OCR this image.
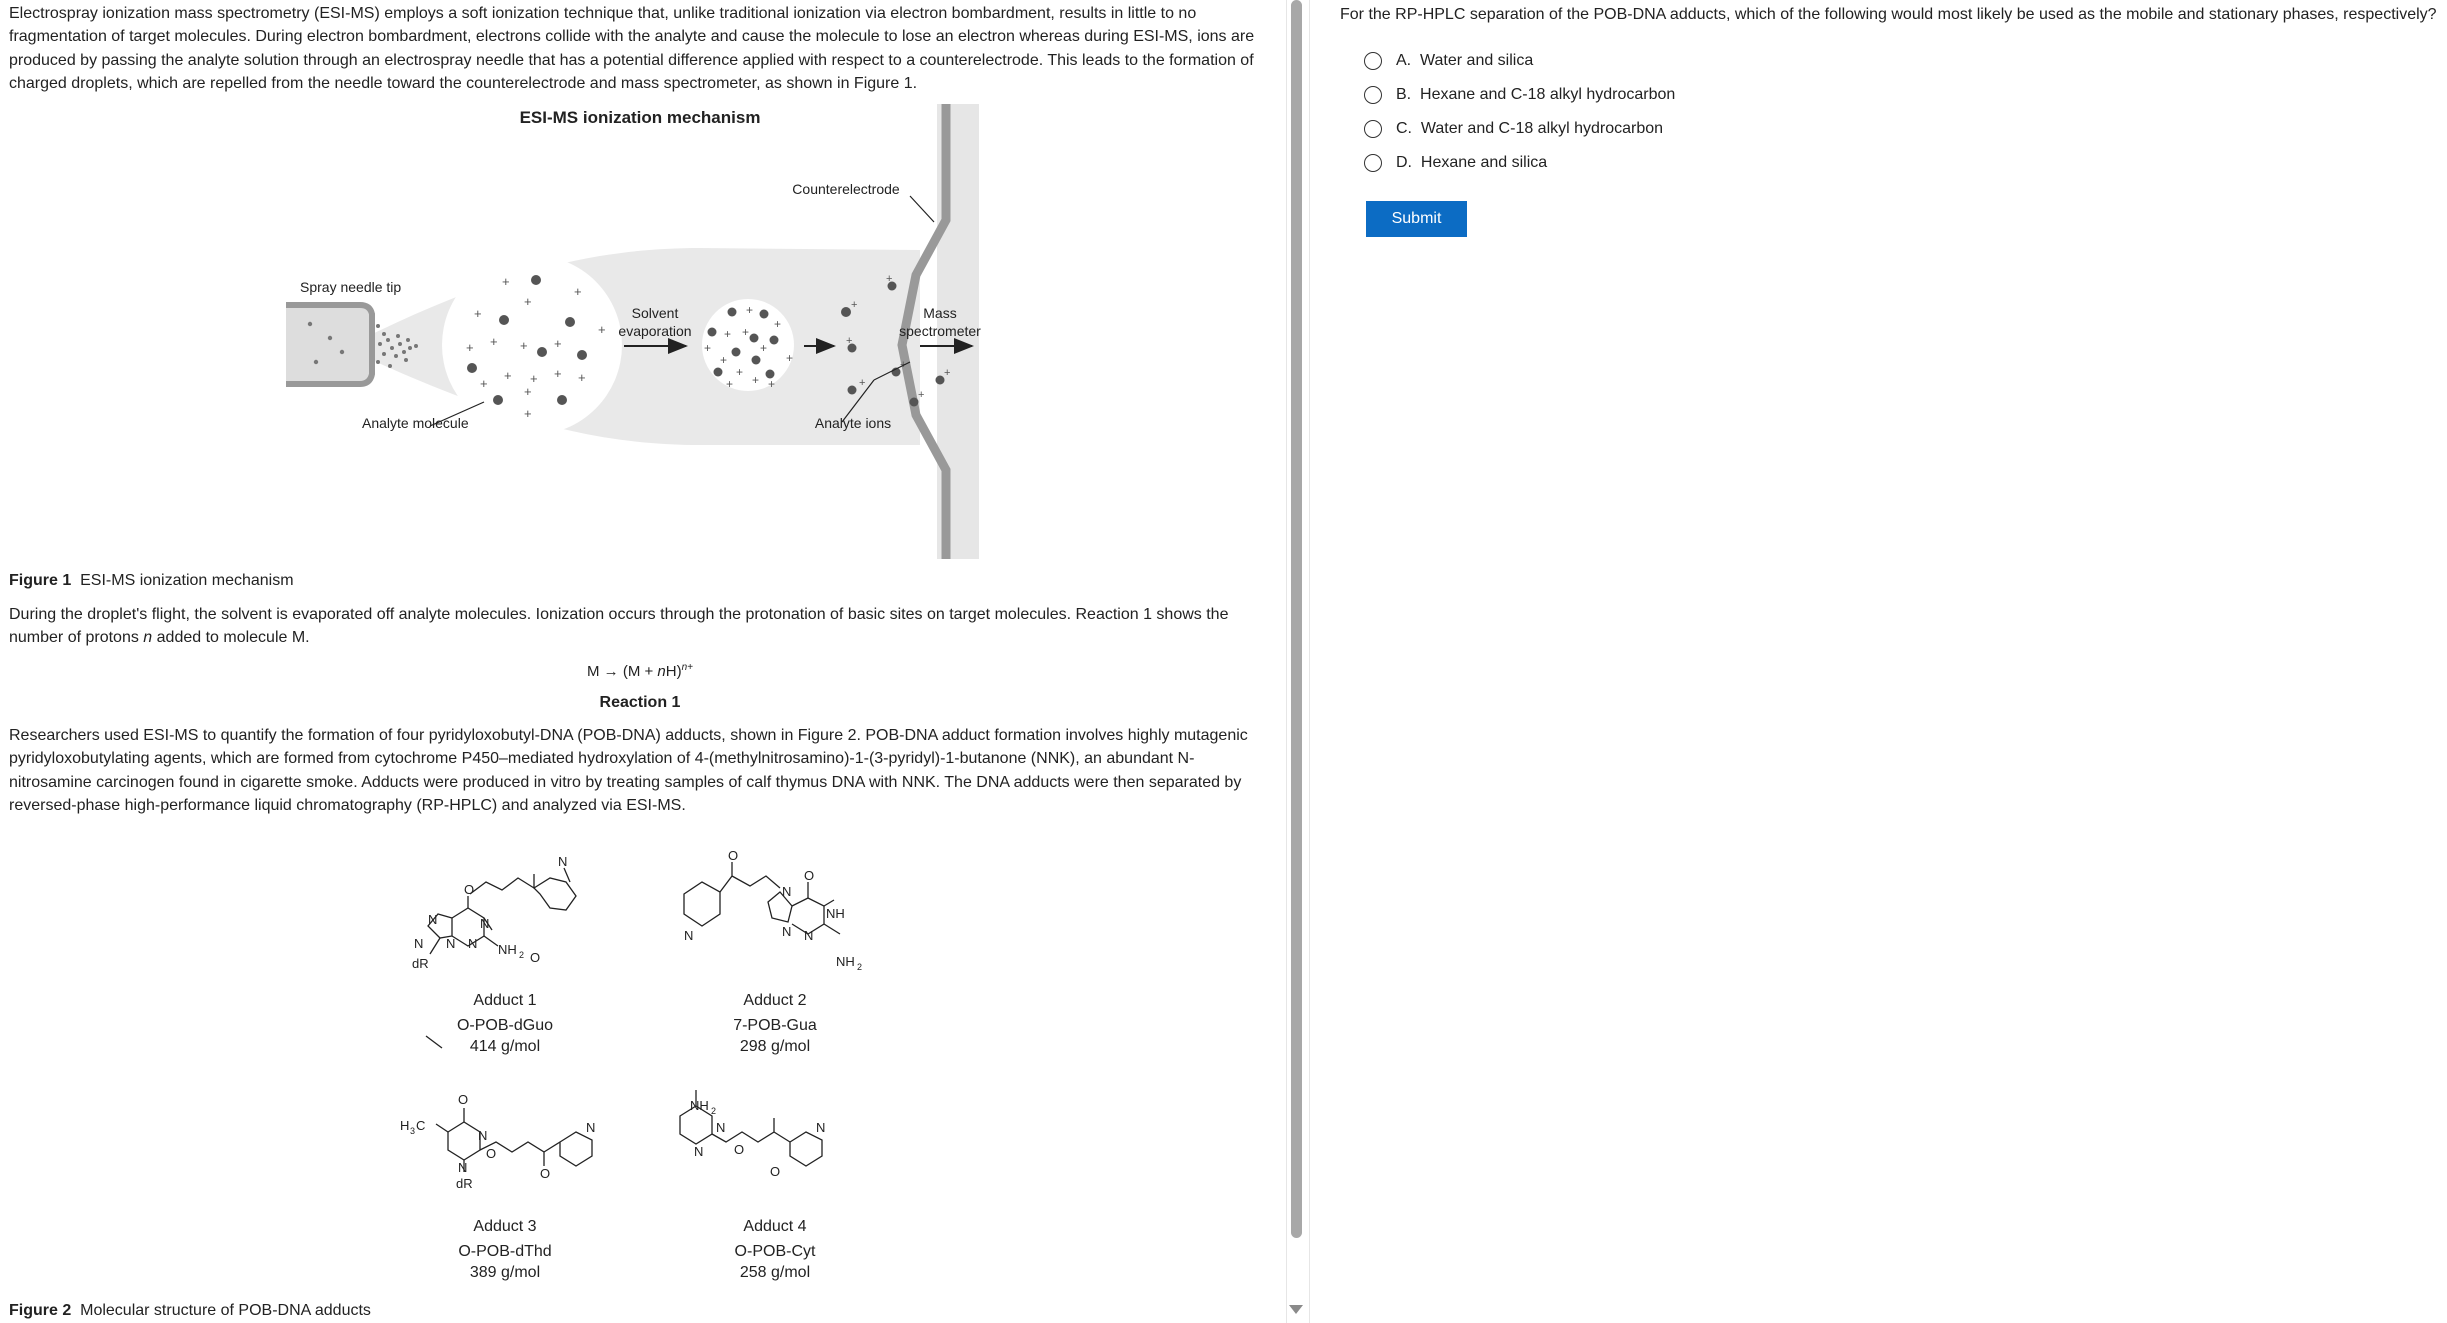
Electrospray ionization mass spectrometry (ESI-MS) employs a soft ionization technique that, unlike traditional ionization via electron bombardment, results in little to no
fragmentation of target molecules. During electron bombardment, electrons collide with the analyte and cause the molecule to lose an electron whereas during ESI-MS, ions are
produced by passing the analyte solution through an electrospray needle that has a potential difference applied with respect to a counterelectrode. This leads to the formation of
charged droplets, which are repelled from the needle toward the counterelectrode and mass spectrometer, as shown in Figure 1.

ESI-MS ionization mechanism
Spray needle tip	+
+
+
+
+
+ + +
+
+
+	+
+
+
+
+
Analyte molecule
Solvent
evaporation
+
+
+ +
+
+
+
+
+
+ +
+
+
+
+
+
+
+
+
Analyte ions
Counterelectrode
Mass
spectrometer
Figure 1 ESI-MS ionization mechanism

During the droplet's flight, the solvent is evaporated off analyte molecules. Ionization occurs through the protonation of basic sites on target molecules. Reaction 1 shows the
number of protons n added to molecule M.

M → (M + nH)$^{n+}$
Reaction 1

Researchers used ESI-MS to quantify the formation of four pyridyloxobutyl-DNA (POB-DNA) adducts, shown in Figure 2. POB-DNA adduct formation involves highly mutagenic
pyridyloxobutylating agents, which are formed from cytochrome P450–mediated hydroxylation of 4-(methylnitrosamino)-1-(3-pyridyl)-1-butanone (NNK), an abundant N-
nitrosamine carcinogen found in cigarette smoke. Adducts were produced in vitro by treating samples of calf thymus DNA with NNK. The DNA adducts were then separated by
reversed-phase high-performance liquid chromatography (RP-HPLC) and analyzed via ESI-MS.

O
N	N
N N N NH 2
dR	O
N	O
N
N
N N
O
NH
NH 2
H 3 C
O
N
N
dR
O
O
N
NH 2
N
N O
O
N
Adduct 1
O-POB-dGuo
414 g/mol
Adduct 2
7-POB-Gua
298 g/mol
Adduct 3
O-POB-dThd
389 g/mol
Adduct 4
O-POB-Cyt
258 g/mol
Figure 2 Molecular structure of POB-DNA adducts
For the RP-HPLC separation of the POB-DNA adducts, which of the following would most likely be used as the mobile and stationary phases, respectively?
A.
Water and silica
B.
Hexane and C-18 alkyl hydrocarbon
C.
Water and C-18 alkyl hydrocarbon
D.
Hexane and silica
Submit
